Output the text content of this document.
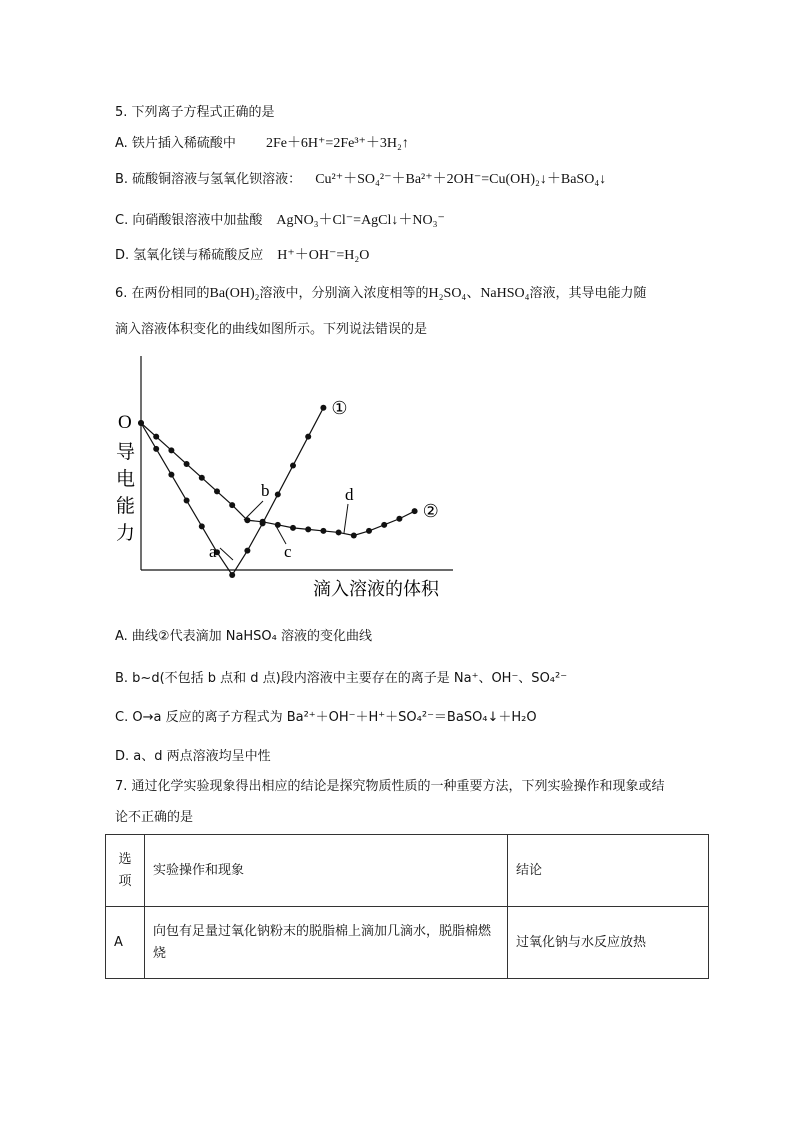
5. 下列离子方程式正确的是
A. 铁片插入稀硫酸中 2Fe＋6H⁺=2Fe³⁺＋3H₂↑
B. 硫酸铜溶液与氢氧化钡溶液： Cu²⁺＋SO₄²⁻＋Ba²⁺＋2OH⁻=Cu(OH)₂↓＋BaSO₄↓
C. 向硝酸银溶液中加盐酸 AgNO₃＋Cl⁻=AgCl↓＋NO₃⁻
D. 氢氧化镁与稀硫酸反应 H⁺＋OH⁻=H₂O
6. 在两份相同的Ba(OH)₂溶液中，分别滴入浓度相等的H₂SO₄、NaHSO₄溶液，其导电能力随
滴入溶液体积变化的曲线如图所示。下列说法错误的是
O
导
电
能
力
滴入溶液的体积
①
②
a
b
c
d
A. 曲线②代表滴加 NaHSO₄ 溶液的变化曲线
B. b~d(不包括 b 点和 d 点)段内溶液中主要存在的离子是 Na⁺、OH⁻、SO₄²⁻
C. O→a 反应的离子方程式为 Ba²⁺＋OH⁻＋H⁺＋SO₄²⁻＝BaSO₄↓＋H₂O
D. a、d 两点溶液均呈中性
7. 通过化学实验现象得出相应的结论是探究物质性质的一种重要方法，下列实验操作和现象或结
论不正确的是
选项	实验操作和现象	结论
A	向包有足量过氧化钠粉末的脱脂棉上滴加几滴水，脱脂棉燃烧	过氧化钠与水反应放热
